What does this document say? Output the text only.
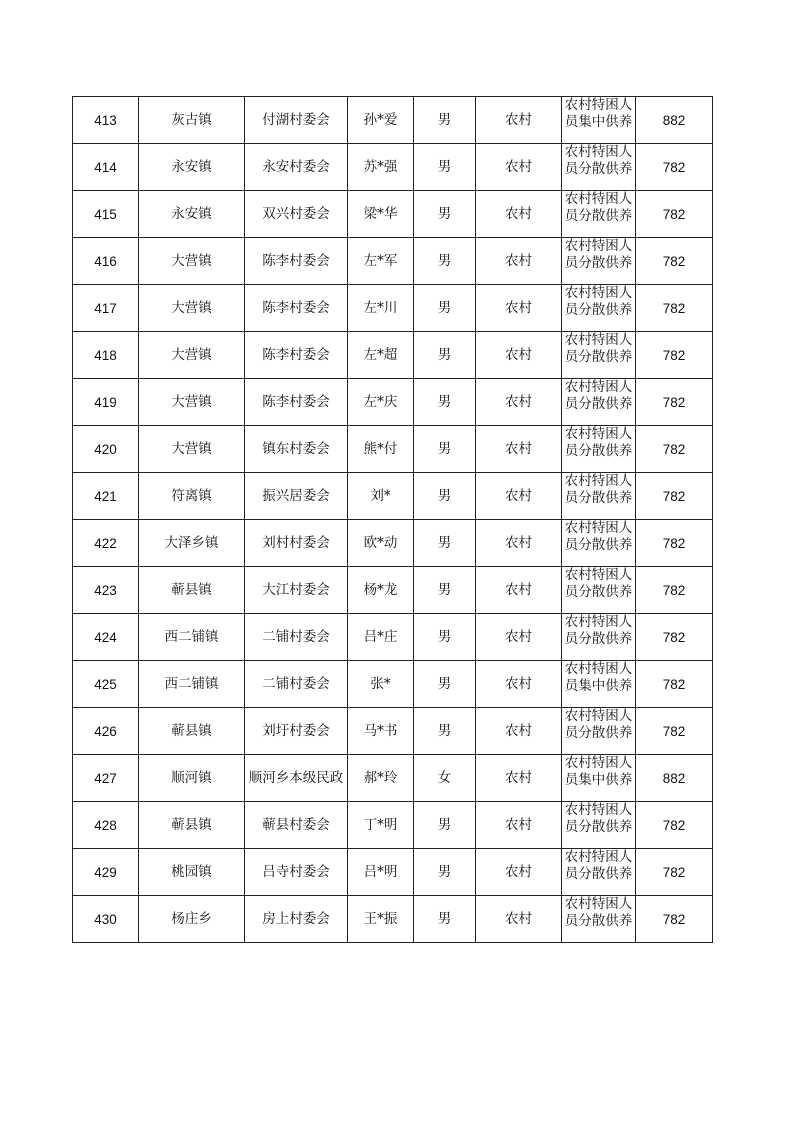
413	灰古镇	付湖村委会	孙*爱	男	农村	农村特困人员集中供养	882
414	永安镇	永安村委会	苏*强	男	农村	农村特困人员分散供养	782
415	永安镇	双兴村委会	梁*华	男	农村	农村特困人员分散供养	782
416	大营镇	陈李村委会	左*军	男	农村	农村特困人员分散供养	782
417	大营镇	陈李村委会	左*川	男	农村	农村特困人员分散供养	782
418	大营镇	陈李村委会	左*超	男	农村	农村特困人员分散供养	782
419	大营镇	陈李村委会	左*庆	男	农村	农村特困人员分散供养	782
420	大营镇	镇东村委会	熊*付	男	农村	农村特困人员分散供养	782
421	符离镇	振兴居委会	刘*	男	农村	农村特困人员分散供养	782
422	大泽乡镇	刘村村委会	欧*动	男	农村	农村特困人员分散供养	782
423	蕲县镇	大江村委会	杨*龙	男	农村	农村特困人员分散供养	782
424	西二铺镇	二铺村委会	吕*庄	男	农村	农村特困人员分散供养	782
425	西二铺镇	二铺村委会	张*	男	农村	农村特困人员集中供养	782
426	蕲县镇	刘圩村委会	马*书	男	农村	农村特困人员分散供养	782
427	顺河镇	顺河乡本级民政	郝*玲	女	农村	农村特困人员集中供养	882
428	蕲县镇	蕲县村委会	丁*明	男	农村	农村特困人员分散供养	782
429	桃园镇	吕寺村委会	吕*明	男	农村	农村特困人员分散供养	782
430	杨庄乡	房上村委会	王*振	男	农村	农村特困人员分散供养	782
